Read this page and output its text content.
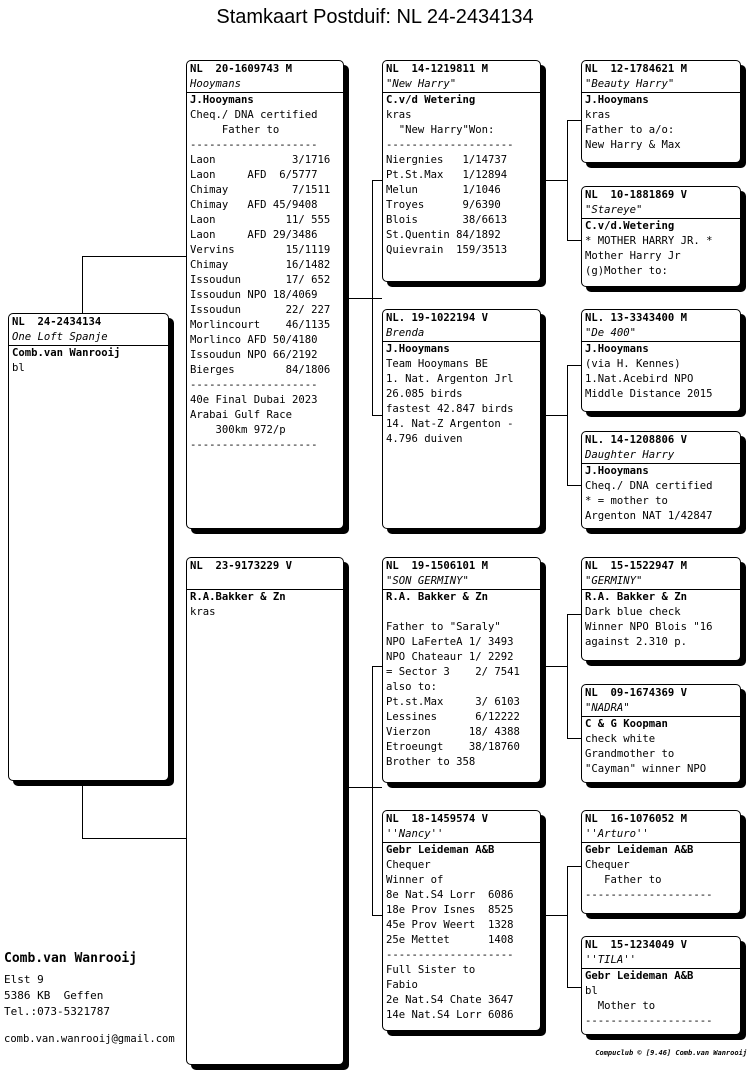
Stamkaart Postduif: NL 24-2434134
NL  24-2434134
One Loft Spanje
Comb.van Wanrooij
bl
NL  20-1609743 M
Hooymans
J.Hooymans
Cheq./ DNA certified
Father to
--------------------
Laon            3/1716
Laon     AFD  6/5777
Chimay          7/1511
Chimay   AFD 45/9408
Laon           11/ 555
Laon     AFD 29/3486
Vervins        15/1119
Chimay         16/1482
Issoudun       17/ 652
Issoudun NPO 18/4069
Issoudun       22/ 227
Morlincourt    46/1135
Morlinco AFD 50/4180
Issoudun NPO 66/2192
Bierges        84/1806
--------------------
40e Final Dubai 2023
Arabai Gulf Race
300km 972/p
--------------------
NL  23-9173229 V
R.A.Bakker & Zn
kras
NL  14-1219811 M
"New Harry"
C.v/d Wetering
kras
"New Harry"Won:
--------------------
Niergnies   1/14737
Pt.St.Max   1/12894
Melun       1/1046
Troyes      9/6390
Blois       38/6613
St.Quentin 84/1892
Quievrain  159/3513
NL. 19-1022194 V
Brenda
J.Hooymans
Team Hooymans BE
1. Nat. Argenton Jrl
26.085 birds
fastest 42.847 birds
14. Nat-Z Argenton -
4.796 duiven
NL  19-1506101 M
"SON GERMINY"
R.A. Bakker & Zn
Father to "Saraly"
NPO LaFerteA 1/ 3493
NPO Chateaur 1/ 2292
= Sector 3    2/ 7541
also to:
Pt.st.Max     3/ 6103
Lessines      6/12222
Vierzon      18/ 4388
Etroeungt    38/18760
Brother to 358
NL  18-1459574 V
''Nancy''
Gebr Leideman A&B
Chequer
Winner of
8e Nat.S4 Lorr  6086
18e Prov Isnes  8525
45e Prov Weert  1328
25e Mettet      1408
--------------------
Full Sister to
Fabio
2e Nat.S4 Chate 3647
14e Nat.S4 Lorr 6086
NL  12-1784621 M
"Beauty Harry"
J.Hooymans
kras
Father to a/o:
New Harry & Max
NL  10-1881869 V
"Stareye"
C.v/d.Wetering
* MOTHER HARRY JR. *
Mother Harry Jr
(g)Mother to:
NL. 13-3343400 M
"De 400"
J.Hooymans
(via H. Kennes)
1.Nat.Acebird NPO
Middle Distance 2015
NL. 14-1208806 V
Daughter Harry
J.Hooymans
Cheq./ DNA certified
* = mother to
Argenton NAT 1/42847
NL  15-1522947 M
"GERMINY"
R.A. Bakker & Zn
Dark blue check
Winner NPO Blois "16
against 2.310 p.
NL  09-1674369 V
"NADRA"
C & G Koopman
check white
Grandmother to
"Cayman" winner NPO
NL  16-1076052 M
''Arturo''
Gebr Leideman A&B
Chequer
Father to
--------------------
NL  15-1234049 V
''TILA''
Gebr Leideman A&B
bl
Mother to
--------------------
Comb.van Wanrooij
Elst 9
5386 KB  Geffen
Tel.:073-5321787
comb.van.wanrooij@gmail.com
Compuclub © [9.46] Comb.van Wanrooij
